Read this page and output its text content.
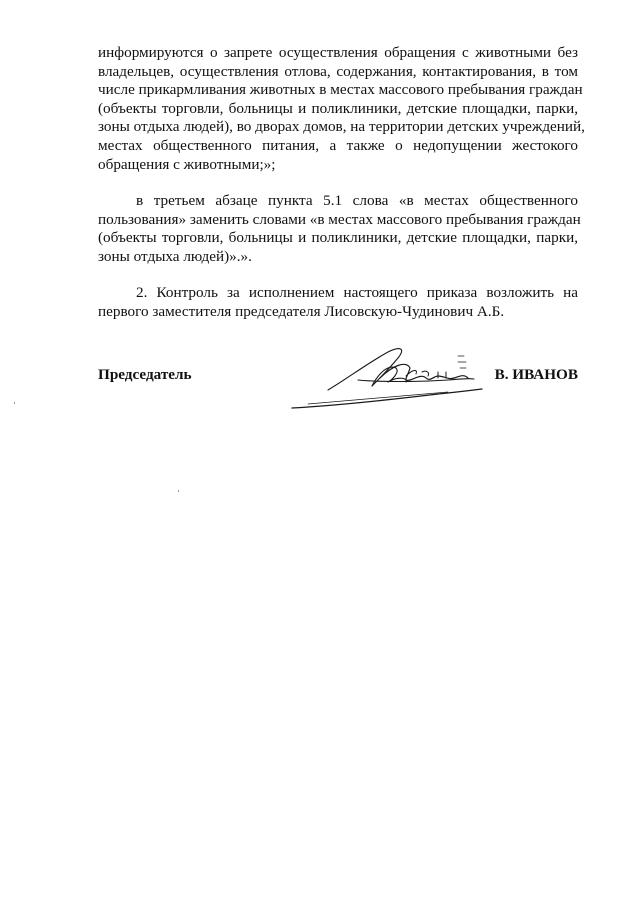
информируются о запрете осуществления обращения с животными без
владельцев, осуществления отлова, содержания, контактирования, в том
числе прикармливания животных в местах массового пребывания граждан
(объекты торговли, больницы и поликлиники, детские площадки, парки,
зоны отдыха людей), во дворах домов, на территории детских учреждений,
местах общественного питания, а также о недопущении жестокого
обращения с животными;»;
в третьем абзаце пункта 5.1 слова «в местах общественного
пользования» заменить словами «в местах массового пребывания граждан
(объекты торговли, больницы и поликлиники, детские площадки, парки,
зоны отдыха людей)».».
2. Контроль за исполнением настоящего приказа возложить на
первого заместителя председателя Лисовскую-Чудинович А.Б.
Председатель	В. ИВАНОВ
